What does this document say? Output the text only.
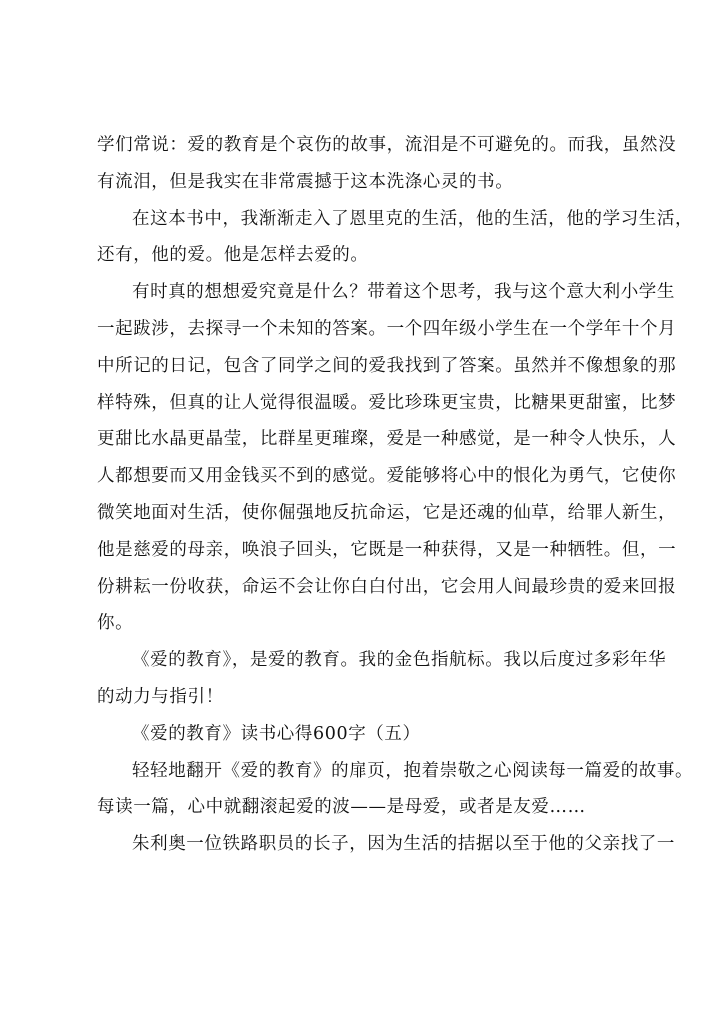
学们常说：爱的教育是个哀伤的故事，流泪是不可避免的。而我，虽然没
有流泪，但是我实在非常震撼于这本洗涤心灵的书。
在这本书中，我渐渐走入了恩里克的生活，他的生活，他的学习生活，
还有，他的爱。他是怎样去爱的。
有时真的想想爱究竟是什么？带着这个思考，我与这个意大利小学生
一起跋涉，去探寻一个未知的答案。一个四年级小学生在一个学年十个月
中所记的日记，包含了同学之间的爱我找到了答案。虽然并不像想象的那
样特殊，但真的让人觉得很温暖。爱比珍珠更宝贵，比糖果更甜蜜，比梦
更甜比水晶更晶莹，比群星更璀璨，爱是一种感觉，是一种令人快乐，人
人都想要而又用金钱买不到的感觉。爱能够将心中的恨化为勇气，它使你
微笑地面对生活，使你倔强地反抗命运，它是还魂的仙草，给罪人新生，
他是慈爱的母亲，唤浪子回头，它既是一种获得，又是一种牺牲。但，一
份耕耘一份收获，命运不会让你白白付出，它会用人间最珍贵的爱来回报
你。
《爱的教育》，是爱的教育。我的金色指航标。我以后度过多彩年华
的动力与指引！
《爱的教育》读书心得600字（五）
轻轻地翻开《爱的教育》的扉页，抱着崇敬之心阅读每一篇爱的故事。
每读一篇，心中就翻滚起爱的波——是母爱，或者是友爱……
朱利奥一位铁路职员的长子，因为生活的拮据以至于他的父亲找了一
